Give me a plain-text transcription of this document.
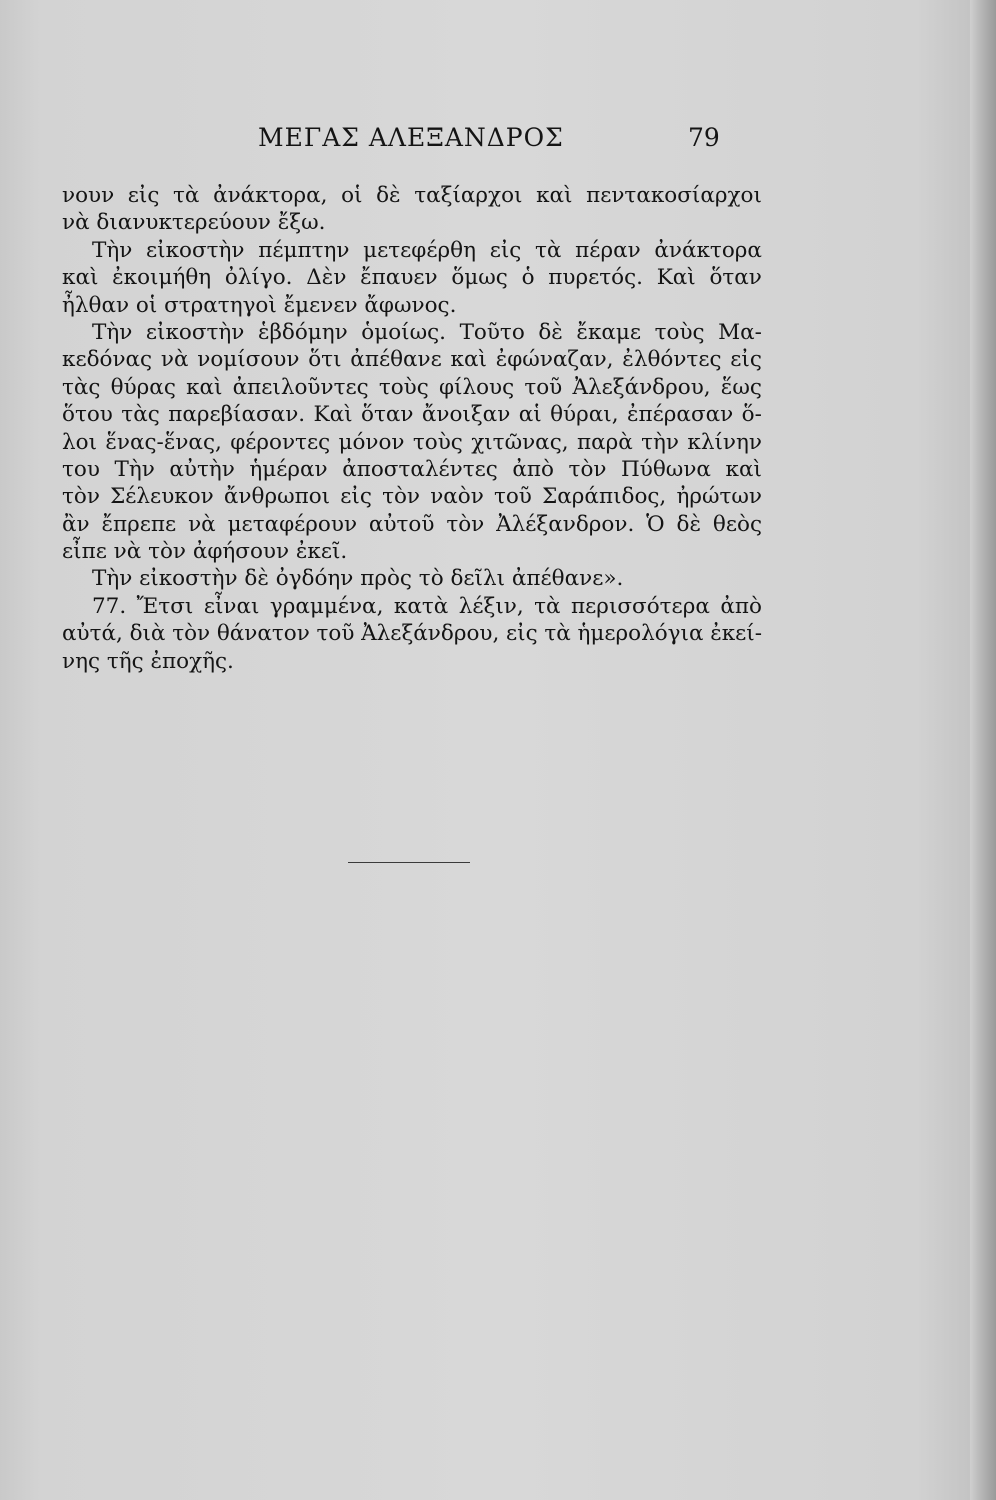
ΜΕΓΑΣ ΑΛΕΞΑΝΔΡΟΣ	79
νουν εἰς τὰ ἀνάκτορα, οἱ δὲ ταξίαρχοι καὶ πεντακοσίαρχοι
νὰ διανυκτερεύουν ἔξω.
Τὴν εἰκοστὴν πέμπτην μετεφέρθη εἰς τὰ πέραν ἀνάκτορα
καὶ ἐκοιμήθη ὀλίγο. Δὲν ἔπαυεν ὅμως ὁ πυρετός. Καὶ ὅταν
ἦλθαν οἱ στρατηγοὶ ἔμενεν ἄφωνος.
Τὴν εἰκοστὴν ἑβδόμην ὁμοίως. Τοῦτο δὲ ἔκαμε τοὺς Μα-
κεδόνας νὰ νομίσουν ὅτι ἀπέθανε καὶ ἐφώναζαν, ἐλθόντες εἰς
τὰς θύρας καὶ ἀπειλοῦντες τοὺς φίλους τοῦ Ἀλεξάνδρου, ἕως
ὅτου τὰς παρεβίασαν. Καὶ ὅταν ἄνοιξαν αἱ θύραι, ἐπέρασαν ὅ-
λοι ἕνας-ἕνας, φέροντες μόνον τοὺς χιτῶνας, παρὰ τὴν κλίνην
του Τὴν αὐτὴν ἡμέραν ἀποσταλέντες ἀπὸ τὸν Πύθωνα καὶ
τὸν Σέλευκον ἄνθρωποι εἰς τὸν ναὸν τοῦ Σαράπιδος, ἠρώτων
ἂν ἔπρεπε νὰ μεταφέρουν αὐτοῦ τὸν Ἀλέξανδρον. Ὁ δὲ θεὸς
εἶπε νὰ τὸν ἀφήσουν ἐκεῖ.
Τὴν εἰκοστὴν δὲ ὀγδόην πρὸς τὸ δεῖλι ἀπέθανε».
77. Ἔτσι εἶναι γραμμένα, κατὰ λέξιν, τὰ περισσότερα ἀπὸ
αὐτά, διὰ τὸν θάνατον τοῦ Ἀλεξάνδρου, εἰς τὰ ἡμερολόγια ἐκεί-
νης τῆς ἐποχῆς.
